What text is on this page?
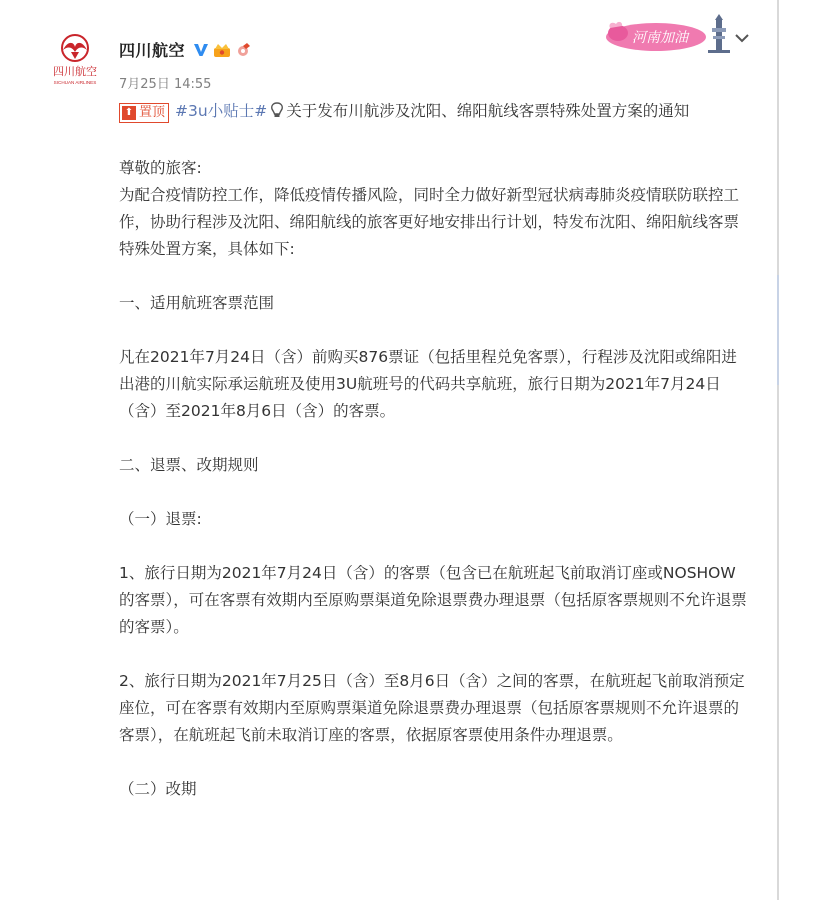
四川航空
SICHUAN AIRLINES
四川航空
7月25日 14:55
河南加油

⬆ 置顶 #3u小贴士# 关于发布川航涉及沈阳、绵阳航线客票特殊处置方案的通知

尊敬的旅客:

为配合疫情防控工作，降低疫情传播风险，同时全力做好新型冠状病毒肺炎疫情联防联控工作，协助行程涉及沈阳、绵阳航线的旅客更好地安排出行计划，特发布沈阳、绵阳航线客票特殊处置方案，具体如下:

一、适用航班客票范围

凡在2021年7月24日（含）前购买876票证（包括里程兑免客票），行程涉及沈阳或绵阳进出港的川航实际承运航班及使用3U航班号的代码共享航班，旅行日期为2021年7月24日（含）至2021年8月6日（含）的客票。

二、退票、改期规则

（一）退票:

1、旅行日期为2021年7月24日（含）的客票（包含已在航班起飞前取消订座或NOSHOW的客票），可在客票有效期内至原购票渠道免除退票费办理退票（包括原客票规则不允许退票的客票）。

2、旅行日期为2021年7月25日（含）至8月6日（含）之间的客票，在航班起飞前取消预定座位，可在客票有效期内至原购票渠道免除退票费办理退票（包括原客票规则不允许退票的客票），在航班起飞前未取消订座的客票，依据原客票使用条件办理退票。

（二）改期
